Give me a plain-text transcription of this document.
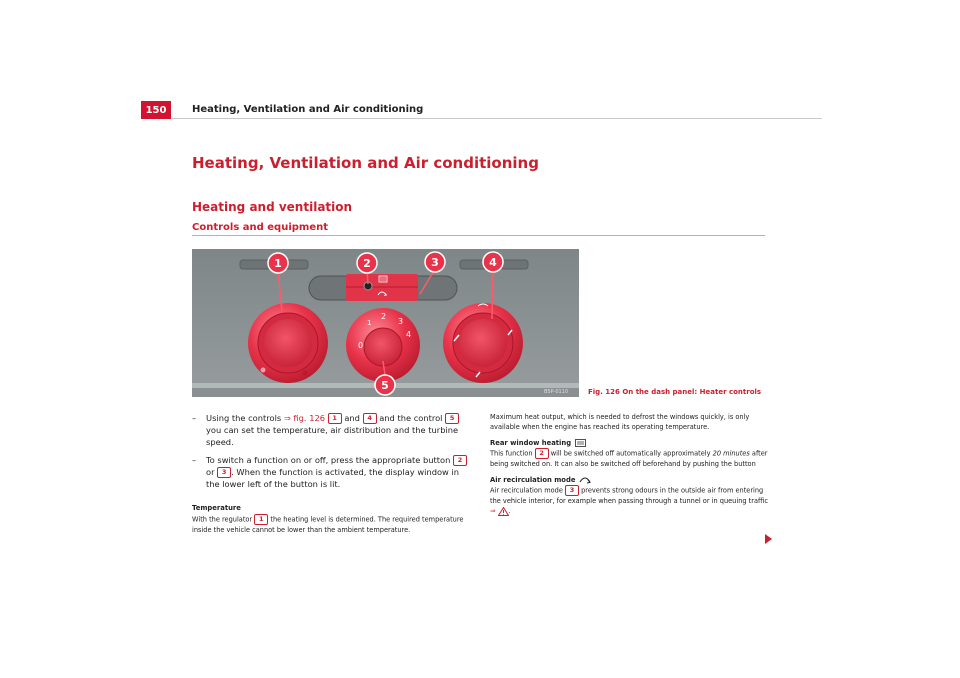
150	Heating, Ventilation and Air conditioning
Heating, Ventilation and Air conditioning
Heating and ventilation
0
1
2
3
4
1	2	3	4
5	B5P-0110	Fig. 126 On the dash panel: Heater controls
– Using the controls ⇒ fig. 126 1 and 4 and the control 5 you can set the temperature, air distribution and the turbine speed.
– To switch a function on or off, press the appropriate button 2 or 3 . When the function is activated, the display window in the lower left of the button is lit.
Temperature
With the regulator 1 the heating level is determined. The required temperature inside the vehicle cannot be lower than the ambient temperature.
Maximum heat output, which is needed to defrost the windows quickly, is only available when the engine has reached its operating temperature.
Rear window heating
This function 2 will be switched off automatically approximately 20 minutes after being switched on. It can also be switched off beforehand by pushing the button
Air recirculation mode
Air recirculation mode 3 prevents strong odours in the outside air from entering the vehicle interior, for example when passing through a tunnel or in queuing traffic ⇒ .
Controls and equipment
